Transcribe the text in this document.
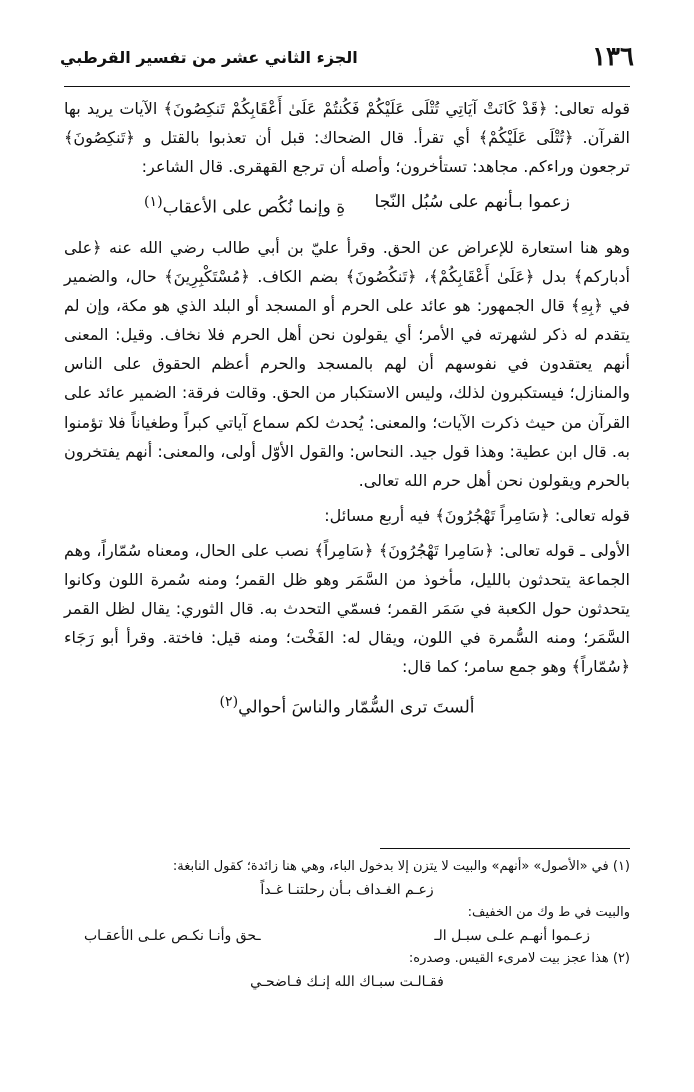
١٣٦
الجزء الثاني عشر من تفسير القرطبي

قوله تعالى: ﴿قَدْ كَانَتْ آيَاتِي تُتْلَى عَلَيْكُمْ فَكُنتُمْ عَلَىٰ أَعْقَابِكُمْ تَنكِصُونَ﴾ الآيات يريد بها القرآن. ﴿تُتْلَى عَلَيْكُمْ﴾ أي تقرأ. قال الضحاك: قبل أن تعذبوا بالقتل و ﴿تَنكِصُونَ﴾ ترجعون وراءكم. مجاهد: تستأخرون؛ وأصله أن ترجع القهقرى. قال الشاعر:

زعموا بـأنهم على سُبُل النّجا
ةِ وإنما نُكُص على الأعقاب$^{(١)}$

وهو هنا استعارة للإعراض عن الحق. وقرأ عليّ بن أبي طالب رضي الله عنه ﴿على أدباركم﴾ بدل ﴿عَلَىٰ أَعْقَابِكُمْ﴾، ﴿تَنكُصُونَ﴾ بضم الكاف. ﴿مُسْتَكْبِرِينَ﴾ حال، والضمير في ﴿بِهِ﴾ قال الجمهور: هو عائد على الحرم أو المسجد أو البلد الذي هو مكة، وإن لم يتقدم له ذكر لشهرته في الأمر؛ أي يقولون نحن أهل الحرم فلا نخاف. وقيل: المعنى أنهم يعتقدون في نفوسهم أن لهم بالمسجد والحرم أعظم الحقوق على الناس والمنازل؛ فيستكبرون لذلك، وليس الاستكبار من الحق. وقالت فرقة: الضمير عائد على القرآن من حيث ذكرت الآيات؛ والمعنى: يُحدث لكم سماع آياتي كبراً وطغياناً فلا تؤمنوا به. قال ابن عطية: وهذا قول جيد. النحاس: والقول الأوّل أولى، والمعنى: أنهم يفتخرون بالحرم ويقولون نحن أهل حرم الله تعالى.

قوله تعالى: ﴿سَامِراً تَهْجُرُونَ﴾ فيه أربع مسائل:

الأولى ـ قوله تعالى: ﴿سَامِرا تَهْجُرُونَ﴾ ﴿سَامِراً﴾ نصب على الحال، ومعناه سُمّاراً، وهم الجماعة يتحدثون بالليل، مأخوذ من السَّمَر وهو ظل القمر؛ ومنه سُمرة اللون وكانوا يتحدثون حول الكعبة في سَمَر القمر؛ فسمّي التحدث به. قال الثوري: يقال لظل القمر السَّمَر؛ ومنه السُّمرة في اللون، ويقال له: الفَخْت؛ ومنه قيل: فاختة. وقرأ أبو رَجَاء ﴿سُمّاراً﴾ وهو جمع سامر؛ كما قال:

ألستَ ترى السُّمّار والناسَ أحوالي$^{(٢)}$

(١) في «الأصول» «أنهم» والبيت لا يتزن إلا بدخول الباء، وهي هنا زائدة؛ كقول النابغة:

زعـم الغـداف بـأن رحلتنـا غـداً

والبيت في ط وك من الخفيف:

زعـموا أنهـم علـى سبـل الـ
ـحق وأنـا نكـص علـى الأعقـاب

(٢) هذا عجز بيت لامرىء القيس. وصدره:

فقـالـت سبـاك الله إنـك فـاضحـي
